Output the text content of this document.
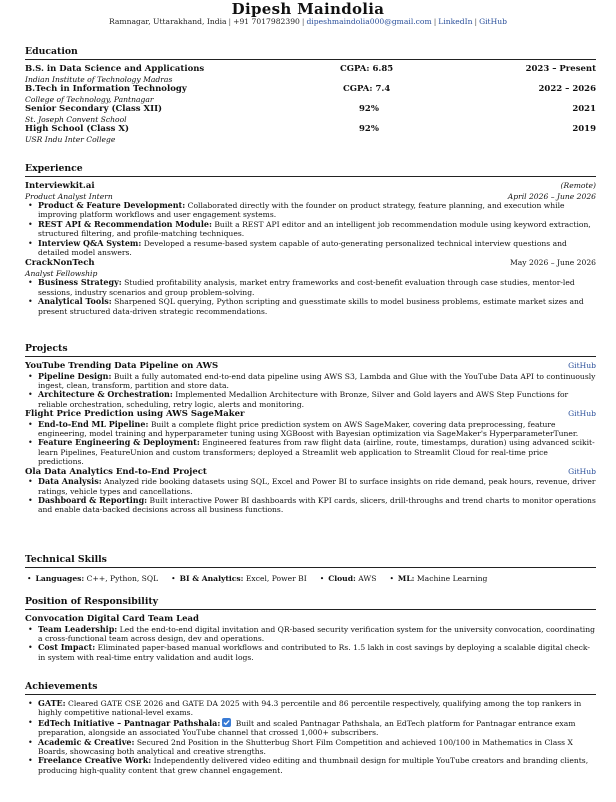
Dipesh Maindolia
Ramnagar, Uttarakhand, India | +91 7017982390 | dipeshmaindolia000@gmail.com | LinkedIn | GitHub
Education
B.S. in Data Science and Applications	CGPA: 6.85	2023 – Present
Indian Institute of Technology Madras
B.Tech in Information Technology	CGPA: 7.4	2022 – 2026
College of Technology, Pantnagar
Senior Secondary (Class XII)	92%	2021
St. Joseph Convent School
High School (Class X)	92%	2019
USR Indu Inter College
Experience
Interviewkit.ai	(Remote)
Product Analyst Intern	April 2026 – June 2026
• Product & Feature Development: Collaborated directly with the founder on product strategy, feature planning, and execution while improving platform workflows and user engagement systems.
• REST API & Recommendation Module: Built a REST API editor and an intelligent job recommendation module using keyword extraction, structured filtering, and profile-matching techniques.
• Interview Q&A System: Developed a resume-based system capable of auto-generating personalized technical interview questions and detailed model answers.
CrackNonTech	May 2026 – June 2026
Analyst Fellowship
• Business Strategy: Studied profitability analysis, market entry frameworks and cost-benefit evaluation through case studies, mentor-led sessions, industry scenarios and group problem-solving.
• Analytical Tools: Sharpened SQL querying, Python scripting and guesstimate skills to model business problems, estimate market sizes and present structured data-driven strategic recommendations.
Projects
YouTube Trending Data Pipeline on AWS	GitHub
• Pipeline Design: Built a fully automated end-to-end data pipeline using AWS S3, Lambda and Glue with the YouTube Data API to continuously ingest, clean, transform, partition and store data.
• Architecture & Orchestration: Implemented Medallion Architecture with Bronze, Silver and Gold layers and AWS Step Functions for reliable orchestration, scheduling, retry logic, alerts and monitoring.
Flight Price Prediction using AWS SageMaker	GitHub
• End-to-End ML Pipeline: Built a complete flight price prediction system on AWS SageMaker, covering data preprocessing, feature engineering, model training and hyperparameter tuning using XGBoost with Bayesian optimization via SageMaker's HyperparameterTuner.
• Feature Engineering & Deployment: Engineered features from raw flight data (airline, route, timestamps, duration) using advanced scikit-learn Pipelines, FeatureUnion and custom transformers; deployed a Streamlit web application to Streamlit Cloud for real-time price predictions.
Ola Data Analytics End-to-End Project	GitHub
• Data Analysis: Analyzed ride booking datasets using SQL, Excel and Power BI to surface insights on ride demand, peak hours, revenue, driver ratings, vehicle types and cancellations.
• Dashboard & Reporting: Built interactive Power BI dashboards with KPI cards, slicers, drill-throughs and trend charts to monitor operations and enable data-backed decisions across all business functions.
Technical Skills
• Languages: C++, Python, SQL	• BI & Analytics: Excel, Power BI	• Cloud: AWS	• ML: Machine Learning
Position of Responsibility
Convocation Digital Card Team Lead
• Team Leadership: Led the end-to-end digital invitation and QR-based security verification system for the university convocation, coordinating a cross-functional team across design, dev and operations.
• Cost Impact: Eliminated paper-based manual workflows and contributed to Rs. 1.5 lakh in cost savings by deploying a scalable digital check-in system with real-time entry validation and audit logs.
Achievements
• GATE: Cleared GATE CSE 2026 and GATE DA 2025 with 94.3 percentile and 86 percentile respectively, qualifying among the top rankers in highly competitive national-level exams.
• EdTech Initiative – Pantnagar Pathshala:
Built and scaled Pantnagar Pathshala, an EdTech platform for Pantnagar entrance exam preparation, alongside an associated YouTube channel that crossed 1,000+ subscribers.
• Academic & Creative: Secured 2nd Position in the Shutterbug Short Film Competition and achieved 100/100 in Mathematics in Class X Boards, showcasing both analytical and creative strengths.
• Freelance Creative Work: Independently delivered video editing and thumbnail design for multiple YouTube creators and branding clients, producing high-quality content that grew channel engagement.
